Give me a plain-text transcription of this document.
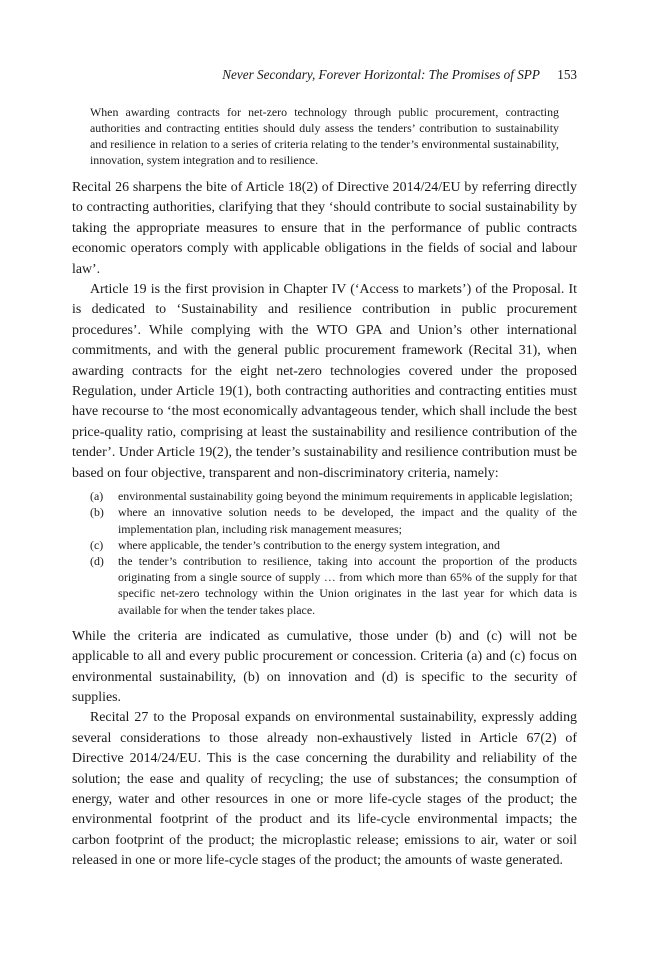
Never Secondary, Forever Horizontal: The Promises of SPP 153
When awarding contracts for net-zero technology through public procurement, contracting authorities and contracting entities should duly assess the tenders’ contribution to sustainability and resilience in relation to a series of criteria relating to the tender’s environmental sustainability, innovation, system integration and to resilience.

Recital 26 sharpens the bite of Article 18(2) of Directive 2014/24/EU by referring directly to contracting authorities, clarifying that they ‘should contribute to social sustainability by taking the appropriate measures to ensure that in the performance of public contracts economic operators comply with applicable obligations in the fields of social and labour law’.

Article 19 is the first provision in Chapter IV (‘Access to markets’) of the Proposal. It is dedicated to ‘Sustainability and resilience contribution in public procurement procedures’. While complying with the WTO GPA and Union’s other international commitments, and with the general public procurement framework (Recital 31), when awarding contracts for the eight net-zero technologies covered under the proposed Regulation, under Article 19(1), both contracting authorities and contracting entities must have recourse to ‘the most economically advantageous tender, which shall include the best price-quality ratio, comprising at least the sustainability and resilience contribution of the tender’. Under Article 19(2), the tender’s sustainability and resilience contribution must be based on four objective, transparent and non-discriminatory criteria, namely:

(a)	environmental sustainability going beyond the minimum requirements in applicable legislation;
(b)	where an innovative solution needs to be developed, the impact and the quality of the implementation plan, including risk management measures;
(c)	where applicable, the tender’s contribution to the energy system integration, and
(d)	the tender’s contribution to resilience, taking into account the proportion of the products originating from a single source of supply … from which more than 65% of the supply for that specific net-zero technology within the Union originates in the last year for which data is available for when the tender takes place.

While the criteria are indicated as cumulative, those under (b) and (c) will not be applicable to all and every public procurement or concession. Criteria (a) and (c) focus on environmental sustainability, (b) on innovation and (d) is specific to the security of supplies.

Recital 27 to the Proposal expands on environmental sustainability, expressly adding several considerations to those already non-exhaustively listed in Article 67(2) of Directive 2014/24/EU. This is the case concerning the durability and reliability of the solution; the ease and quality of recycling; the use of substances; the consumption of energy, water and other resources in one or more life-cycle stages of the product; the environmental footprint of the product and its life-cycle environmental impacts; the carbon footprint of the product; the microplastic release; emissions to air, water or soil released in one or more life-cycle stages of the product; the amounts of waste generated.
